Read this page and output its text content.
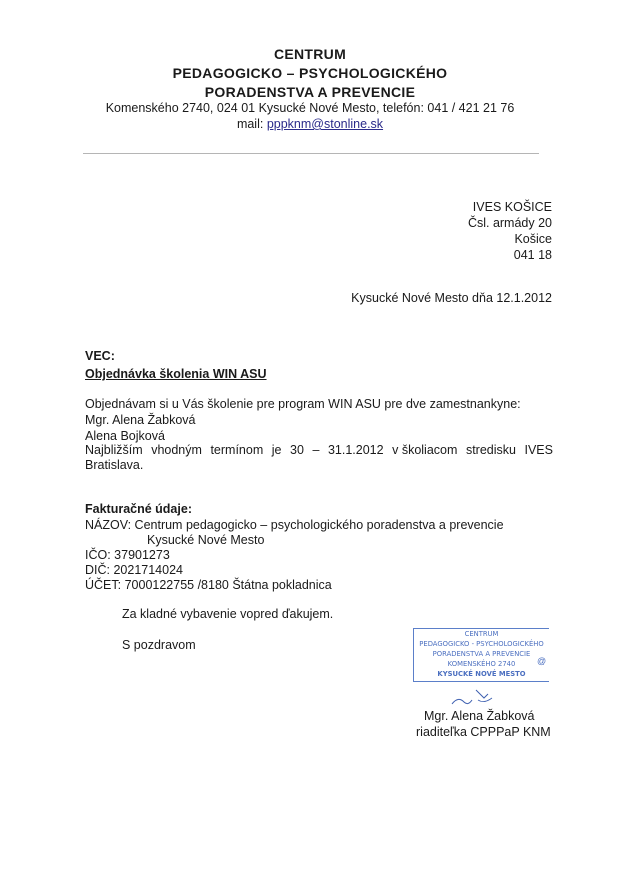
CENTRUM
PEDAGOGICKO – PSYCHOLOGICKÉHO
PORADENSTVA A PREVENCIE
Komenského 2740, 024 01 Kysucké Nové Mesto, telefón: 041 / 421 21 76
mail: pppknm@stonline.sk
IVES KOŠICE
Čsl. armády 20
Košice
041 18
Kysucké Nové Mesto dňa 12.1.2012
VEC:
Objednávka školenia WIN ASU
Objednávam si u Vás školenie pre program WIN ASU pre dve zamestnankyne:
Mgr. Alena Žabková
Alena Bojková
Najbližším vhodným termínom je 30 – 31.1.2012 v školiacom stredisku IVES
Bratislava.
Fakturačné údaje:
NÁZOV: Centrum pedagogicko – psychologického poradenstva a prevencie
Kysucké Nové Mesto
IČO: 37901273
DIČ: 2021714024
ÚČET: 7000122755 /8180 Štátna pokladnica
Za kladné vybavenie vopred ďakujem.
S pozdravom
CENTRUM
PEDAGOGICKO - PSYCHOLOGICKÉHO
PORADENSTVA A PREVENCIE
KOMENSKÉHO 2740
KYSUCKÉ NOVÉ MESTO
@
Mgr. Alena Žabková
riaditeľka CPPPaP KNM
